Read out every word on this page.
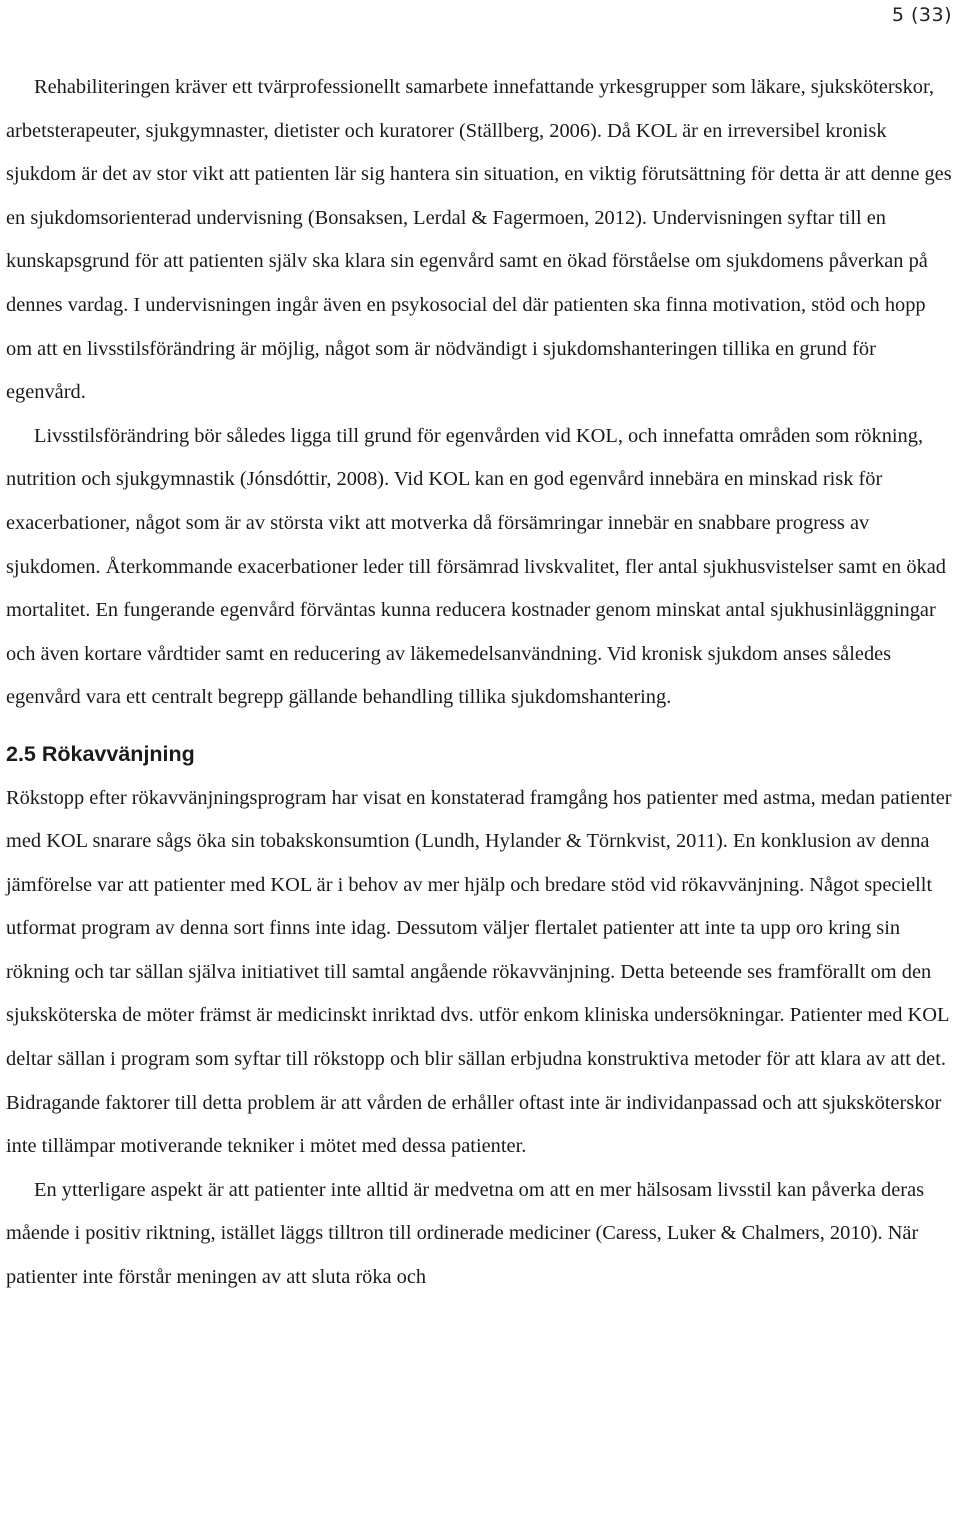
5 (33)

Rehabiliteringen kräver ett tvärprofessionellt samarbete innefattande yrkesgrupper som läkare, sjuksköterskor, arbetsterapeuter, sjukgymnaster, dietister och kuratorer (Ställberg, 2006). Då KOL är en irreversibel kronisk sjukdom är det av stor vikt att patienten lär sig hantera sin situation, en viktig förutsättning för detta är att denne ges en sjukdomsorienterad undervisning (Bonsaksen, Lerdal & Fagermoen, 2012). Undervisningen syftar till en kunskapsgrund för att patienten själv ska klara sin egenvård samt en ökad förståelse om sjukdomens påverkan på dennes vardag. I undervisningen ingår även en psykosocial del där patienten ska finna motivation, stöd och hopp om att en livsstilsförändring är möjlig, något som är nödvändigt i sjukdomshanteringen tillika en grund för egenvård.

Livsstilsförändring bör således ligga till grund för egenvården vid KOL, och innefatta områden som rökning, nutrition och sjukgymnastik (Jónsdóttir, 2008). Vid KOL kan en god egenvård innebära en minskad risk för exacerbationer, något som är av största vikt att motverka då försämringar innebär en snabbare progress av sjukdomen. Återkommande exacerbationer leder till försämrad livskvalitet, fler antal sjukhusvistelser samt en ökad mortalitet. En fungerande egenvård förväntas kunna reducera kostnader genom minskat antal sjukhusinläggningar och även kortare vårdtider samt en reducering av läkemedelsanvändning. Vid kronisk sjukdom anses således egenvård vara ett centralt begrepp gällande behandling tillika sjukdomshantering.

2.5 Rökavvänjning

Rökstopp efter rökavvänjningsprogram har visat en konstaterad framgång hos patienter med astma, medan patienter med KOL snarare sågs öka sin tobakskonsumtion (Lundh, Hylander & Törnkvist, 2011). En konklusion av denna jämförelse var att patienter med KOL är i behov av mer hjälp och bredare stöd vid rökavvänjning. Något speciellt utformat program av denna sort finns inte idag. Dessutom väljer flertalet patienter att inte ta upp oro kring sin rökning och tar sällan själva initiativet till samtal angående rökavvänjning. Detta beteende ses framförallt om den sjuksköterska de möter främst är medicinskt inriktad dvs. utför enkom kliniska undersökningar. Patienter med KOL deltar sällan i program som syftar till rökstopp och blir sällan erbjudna konstruktiva metoder för att klara av att det. Bidragande faktorer till detta problem är att vården de erhåller oftast inte är individanpassad och att sjuksköterskor inte tillämpar motiverande tekniker i mötet med dessa patienter.

En ytterligare aspekt är att patienter inte alltid är medvetna om att en mer hälsosam livsstil kan påverka deras mående i positiv riktning, istället läggs tilltron till ordinerade mediciner (Caress, Luker & Chalmers, 2010). När patienter inte förstår meningen av att sluta röka och
